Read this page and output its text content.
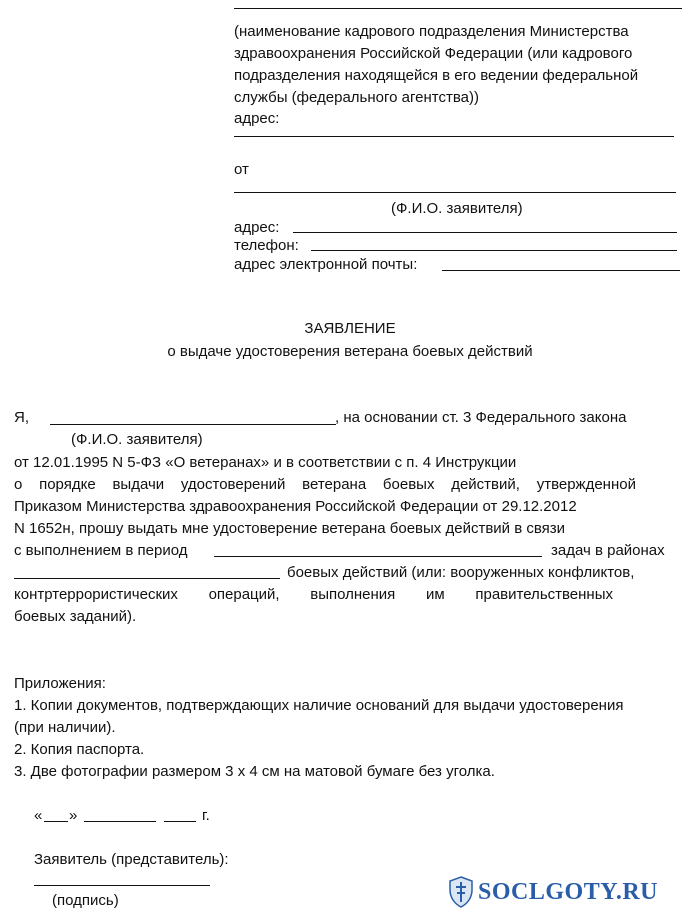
(наименование кадрового подразделения Министерства
здравоохранения Российской Федерации (или кадрового
подразделения находящейся в его ведении федеральной
службы (федерального агентства))
адрес:
от
(Ф.И.О. заявителя)
адрес:
телефон:
адрес электронной почты:
ЗАЯВЛЕНИЕ
о выдаче удостоверения ветерана боевых действий
Я,	, на основании ст. 3 Федерального закона
(Ф.И.О. заявителя)
от 12.01.1995 N 5-ФЗ «О ветеранах» и в соответствии с п. 4 Инструкции
о порядке выдачи удостоверений ветерана боевых действий, утвержденной
Приказом Министерства здравоохранения Российской Федерации от 29.12.2012
N 1652н, прошу выдать мне удостоверение ветерана боевых действий в связи
с выполнением в период	задач в районах
боевых действий (или: вооруженных конфликтов,
контртеррористических операций, выполнения им правительственных
боевых заданий).
Приложения:
1. Копии документов, подтверждающих наличие оснований для выдачи удостоверения
(при наличии).
2. Копия паспорта.
3. Две фотографии размером 3 х 4 см на матовой бумаге без уголка.
« »	г.
Заявитель (представитель):
(подпись)	SOCLGOTY.RU
